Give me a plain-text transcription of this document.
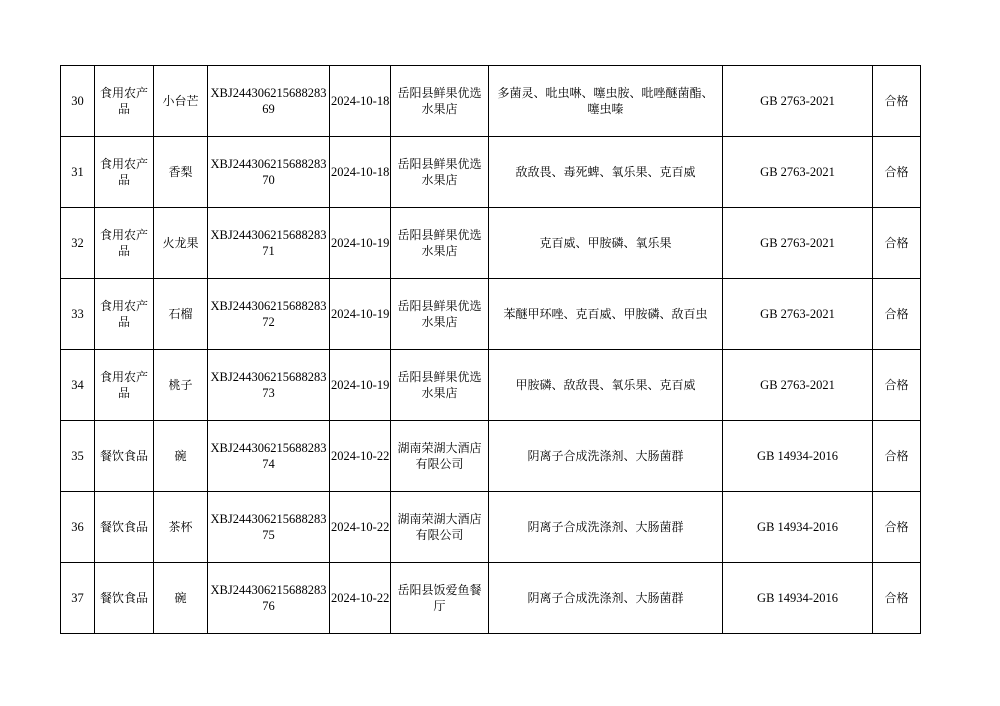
30	食用农产品	小台芒	XBJ24430621568828369	2024-10-18	岳阳县鲜果优选水果店	多菌灵、吡虫啉、噻虫胺、吡唑醚菌酯、噻虫嗪	GB 2763-2021	合格
31	食用农产品	香梨	XBJ24430621568828370	2024-10-18	岳阳县鲜果优选水果店	敌敌畏、毒死蜱、氧乐果、克百威	GB 2763-2021	合格
32	食用农产品	火龙果	XBJ24430621568828371	2024-10-19	岳阳县鲜果优选水果店	克百威、甲胺磷、氧乐果	GB 2763-2021	合格
33	食用农产品	石榴	XBJ24430621568828372	2024-10-19	岳阳县鲜果优选水果店	苯醚甲环唑、克百威、甲胺磷、敌百虫	GB 2763-2021	合格
34	食用农产品	桃子	XBJ24430621568828373	2024-10-19	岳阳县鲜果优选水果店	甲胺磷、敌敌畏、氧乐果、克百威	GB 2763-2021	合格
35	餐饮食品	碗	XBJ24430621568828374	2024-10-22	湖南荣湖大酒店有限公司	阴离子合成洗涤剂、大肠菌群	GB 14934-2016	合格
36	餐饮食品	茶杯	XBJ24430621568828375	2024-10-22	湖南荣湖大酒店有限公司	阴离子合成洗涤剂、大肠菌群	GB 14934-2016	合格
37	餐饮食品	碗	XBJ24430621568828376	2024-10-22	岳阳县饭爱鱼餐厅	阴离子合成洗涤剂、大肠菌群	GB 14934-2016	合格
